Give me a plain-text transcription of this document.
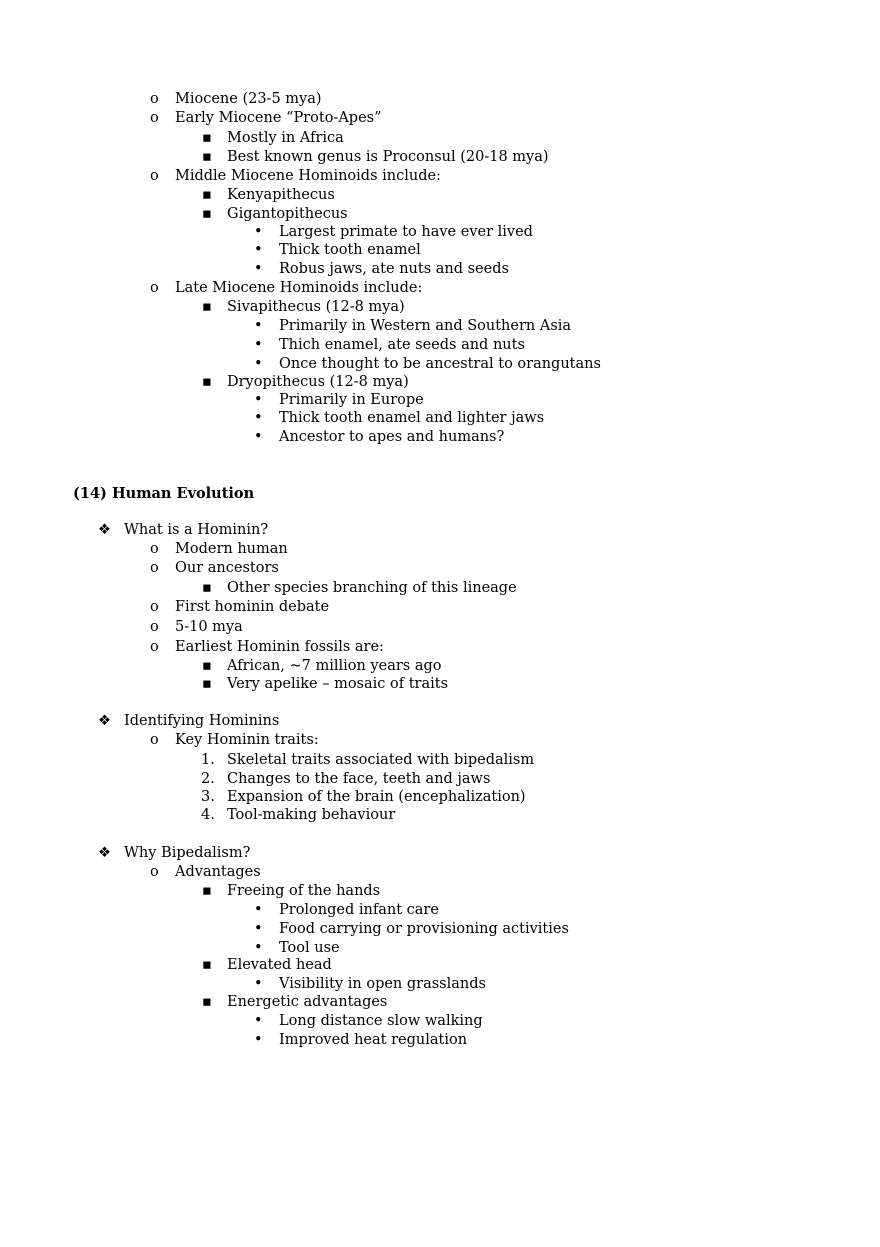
o Miocene (23-5 mya)
o Early Miocene “Proto-Apes”
▪ Mostly in Africa
▪ Best known genus is Proconsul (20-18 mya)
o Middle Miocene Hominoids include:
▪ Kenyapithecus
▪ Gigantopithecus
• Largest primate to have ever lived
• Thick tooth enamel
• Robus jaws, ate nuts and seeds
o Late Miocene Hominoids include:
▪ Sivapithecus (12-8 mya)
• Primarily in Western and Southern Asia
• Thich enamel, ate seeds and nuts
• Once thought to be ancestral to orangutans
▪ Dryopithecus (12-8 mya)
• Primarily in Europe
• Thick tooth enamel and lighter jaws
• Ancestor to apes and humans?
(14) Human Evolution
❖ What is a Hominin?
o Modern human
o Our ancestors
▪ Other species branching of this lineage
o First hominin debate
o 5-10 mya
o Earliest Hominin fossils are:
▪ African, ~7 million years ago
▪ Very apelike – mosaic of traits
❖ Identifying Hominins
o Key Hominin traits:
1. Skeletal traits associated with bipedalism
2. Changes to the face, teeth and jaws
3. Expansion of the brain (encephalization)
4. Tool-making behaviour
❖ Why Bipedalism?
o Advantages
▪ Freeing of the hands
• Prolonged infant care
• Food carrying or provisioning activities
• Tool use
▪ Elevated head
• Visibility in open grasslands
▪ Energetic advantages
• Long distance slow walking
• Improved heat regulation
